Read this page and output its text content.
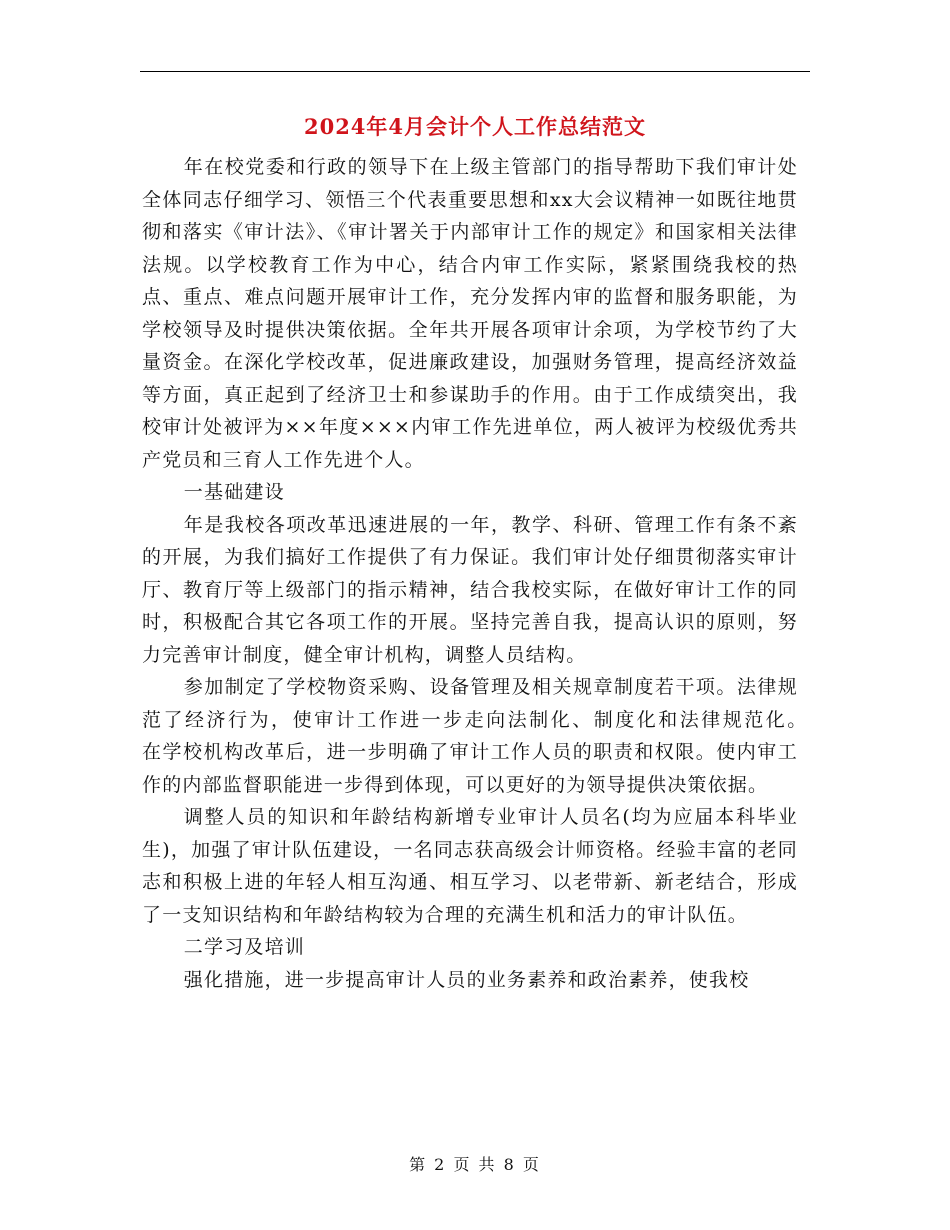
2024年4月会计个人工作总结范文

年在校党委和行政的领导下在上级主管部门的指导帮助下我们审计处全体同志仔细学习、领悟三个代表重要思想和xx大会议精神一如既往地贯彻和落实《审计法》、《审计署关于内部审计工作的规定》和国家相关法律法规。以学校教育工作为中心，结合内审工作实际，紧紧围绕我校的热点、重点、难点问题开展审计工作，充分发挥内审的监督和服务职能，为学校领导及时提供决策依据。全年共开展各项审计余项，为学校节约了大量资金。在深化学校改革，促进廉政建设，加强财务管理，提高经济效益等方面，真正起到了经济卫士和参谋助手的作用。由于工作成绩突出，我校审计处被评为××年度×××内审工作先进单位，两人被评为校级优秀共产党员和三育人工作先进个人。

一基础建设

年是我校各项改革迅速进展的一年，教学、科研、管理工作有条不紊的开展，为我们搞好工作提供了有力保证。我们审计处仔细贯彻落实审计厅、教育厅等上级部门的指示精神，结合我校实际，在做好审计工作的同时，积极配合其它各项工作的开展。坚持完善自我，提高认识的原则，努力完善审计制度，健全审计机构，调整人员结构。

参加制定了学校物资采购、设备管理及相关规章制度若干项。法律规范了经济行为，使审计工作进一步走向法制化、制度化和法律规范化。　　在学校机构改革后，进一步明确了审计工作人员的职责和权限。使内审工作的内部监督职能进一步得到体现，可以更好的为领导提供决策依据。

调整人员的知识和年龄结构新增专业审计人员名(均为应届本科毕业生)，加强了审计队伍建设，一名同志获高级会计师资格。经验丰富的老同志和积极上进的年轻人相互沟通、相互学习、以老带新、新老结合，形成了一支知识结构和年龄结构较为合理的充满生机和活力的审计队伍。

二学习及培训

强化措施，进一步提高审计人员的业务素养和政治素养，使我校

第 2 页 共 8 页
